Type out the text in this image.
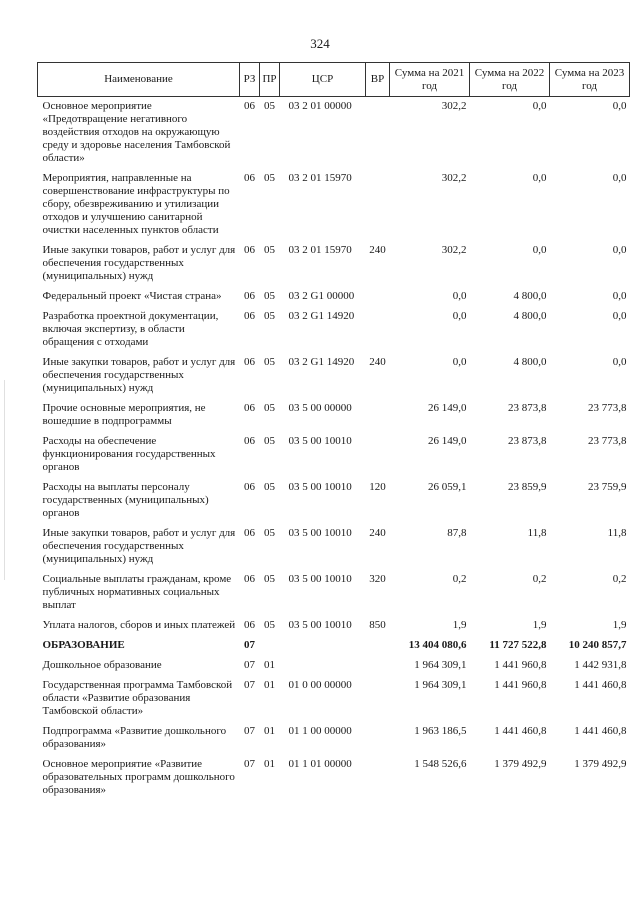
324
Наименование	РЗ	ПР	ЦСР	ВР	Сумма на 2021 год	Сумма на 2022 год	Сумма на 2023 год
Основное мероприятие «Предотвращение негативного воздействия отходов на окружающую среду и здоровье населения Тамбовской области»	06	05	03 2 01 00000		302,2	0,0	0,0
Мероприятия, направленные на совершенствование инфраструктуры по сбору, обезвреживанию и утилизации отходов и улучшению санитарной очистки населенных пунктов области	06	05	03 2 01 15970		302,2	0,0	0,0
Иные закупки товаров, работ и услуг для обеспечения государственных (муниципальных) нужд	06	05	03 2 01 15970	240	302,2	0,0	0,0
Федеральный проект «Чистая страна»	06	05	03 2 G1 00000		0,0	4 800,0	0,0
Разработка проектной документации, включая экспертизу, в области обращения с отходами	06	05	03 2 G1 14920		0,0	4 800,0	0,0
Иные закупки товаров, работ и услуг для обеспечения государственных (муниципальных) нужд	06	05	03 2 G1 14920	240	0,0	4 800,0	0,0
Прочие основные мероприятия, не вошедшие в подпрограммы	06	05	03 5 00 00000		26 149,0	23 873,8	23 773,8
Расходы на обеспечение функционирования государственных органов	06	05	03 5 00 10010		26 149,0	23 873,8	23 773,8
Расходы на выплаты персоналу государственных (муниципальных) органов	06	05	03 5 00 10010	120	26 059,1	23 859,9	23 759,9
Иные закупки товаров, работ и услуг для обеспечения государственных (муниципальных) нужд	06	05	03 5 00 10010	240	87,8	11,8	11,8
Социальные выплаты гражданам, кроме публичных нормативных социальных выплат	06	05	03 5 00 10010	320	0,2	0,2	0,2
Уплата налогов, сборов и иных платежей	06	05	03 5 00 10010	850	1,9	1,9	1,9
ОБРАЗОВАНИЕ	07				13 404 080,6	11 727 522,8	10 240 857,7
Дошкольное образование	07	01			1 964 309,1	1 441 960,8	1 442 931,8
Государственная программа Тамбовской области «Развитие образования Тамбовской области»	07	01	01 0 00 00000		1 964 309,1	1 441 960,8	1 441 460,8
Подпрограмма «Развитие дошкольного образования»	07	01	01 1 00 00000		1 963 186,5	1 441 460,8	1 441 460,8
Основное мероприятие «Развитие образовательных программ дошкольного образования»	07	01	01 1 01 00000		1 548 526,6	1 379 492,9	1 379 492,9
